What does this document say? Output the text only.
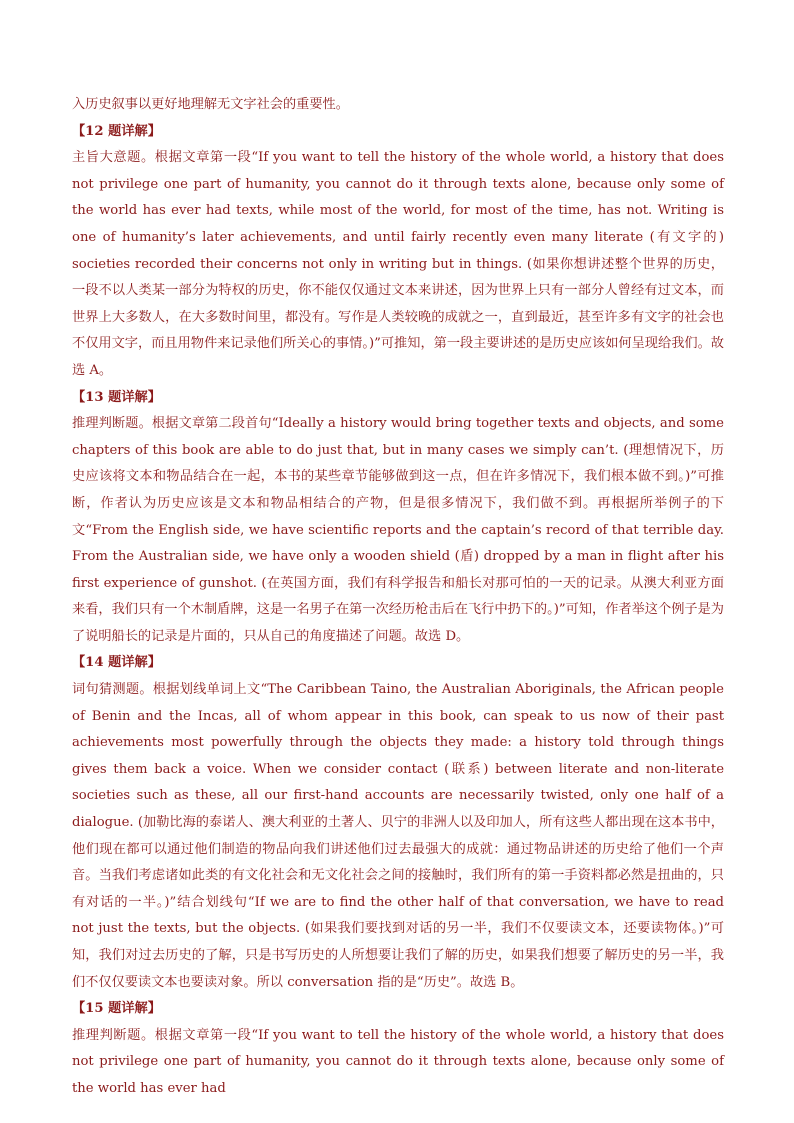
入历史叙事以更好地理解无文字社会的重要性。

【12 题详解】

主旨大意题。根据文章第一段“If you want to tell the history of the whole world, a history that does not privilege one part of humanity, you cannot do it through texts alone, because only some of the world has ever had texts, while most of the world, for most of the time, has not. Writing is one of humanity’s later achievements, and until fairly recently even many literate (有文字的) societies recorded their concerns not only in writing but in things. (如果你想讲述整个世界的历史，一段不以人类某一部分为特权的历史，你不能仅仅通过文本来讲述，因为世界上只有一部分人曾经有过文本，而世界上大多数人，在大多数时间里，都没有。写作是人类较晚的成就之一，直到最近，甚至许多有文字的社会也不仅用文字，而且用物件来记录他们所关心的事情。)”可推知，第一段主要讲述的是历史应该如何呈现给我们。故选 A。

【13 题详解】

推理判断题。根据文章第二段首句“Ideally a history would bring together texts and objects, and some chapters of this book are able to do just that, but in many cases we simply can’t. (理想情况下，历史应该将文本和物品结合在一起，本书的某些章节能够做到这一点，但在许多情况下，我们根本做不到。)”可推断，作者认为历史应该是文本和物品相结合的产物，但是很多情况下，我们做不到。再根据所举例子的下文“From the English side, we have scientific reports and the captain’s record of that terrible day. From the Australian side, we have only a wooden shield (盾) dropped by a man in flight after his first experience of gunshot. (在英国方面，我们有科学报告和船长对那可怕的一天的记录。从澳大利亚方面来看，我们只有一个木制盾牌，这是一名男子在第一次经历枪击后在飞行中扔下的。)”可知，作者举这个例子是为了说明船长的记录是片面的，只从自己的角度描述了问题。故选 D。

【14 题详解】

词句猜测题。根据划线单词上文“The Caribbean Taino, the Australian Aboriginals, the African people of Benin and the Incas, all of whom appear in this book, can speak to us now of their past achievements most powerfully through the objects they made: a history told through things gives them back a voice. When we consider contact (联系) between literate and non-literate societies such as these, all our first-hand accounts are necessarily twisted, only one half of a dialogue. (加勒比海的泰诺人、澳大利亚的土著人、贝宁的非洲人以及印加人，所有这些人都出现在这本书中，他们现在都可以通过他们制造的物品向我们讲述他们过去最强大的成就：通过物品讲述的历史给了他们一个声音。当我们考虑诸如此类的有文化社会和无文化社会之间的接触时，我们所有的第一手资料都必然是扭曲的，只有对话的一半。)”结合划线句“If we are to find the other half of that conversation, we have to read not just the texts, but the objects. (如果我们要找到对话的另一半，我们不仅要读文本，还要读物体。)”可知，我们对过去历史的了解，只是书写历史的人所想要让我们了解的历史，如果我们想要了解历史的另一半，我们不仅仅要读文本也要读对象。所以 conversation 指的是“历史”。故选 B。

【15 题详解】

推理判断题。根据文章第一段“If you want to tell the history of the whole world, a history that does not privilege one part of humanity, you cannot do it through texts alone, because only some of the world has ever had
